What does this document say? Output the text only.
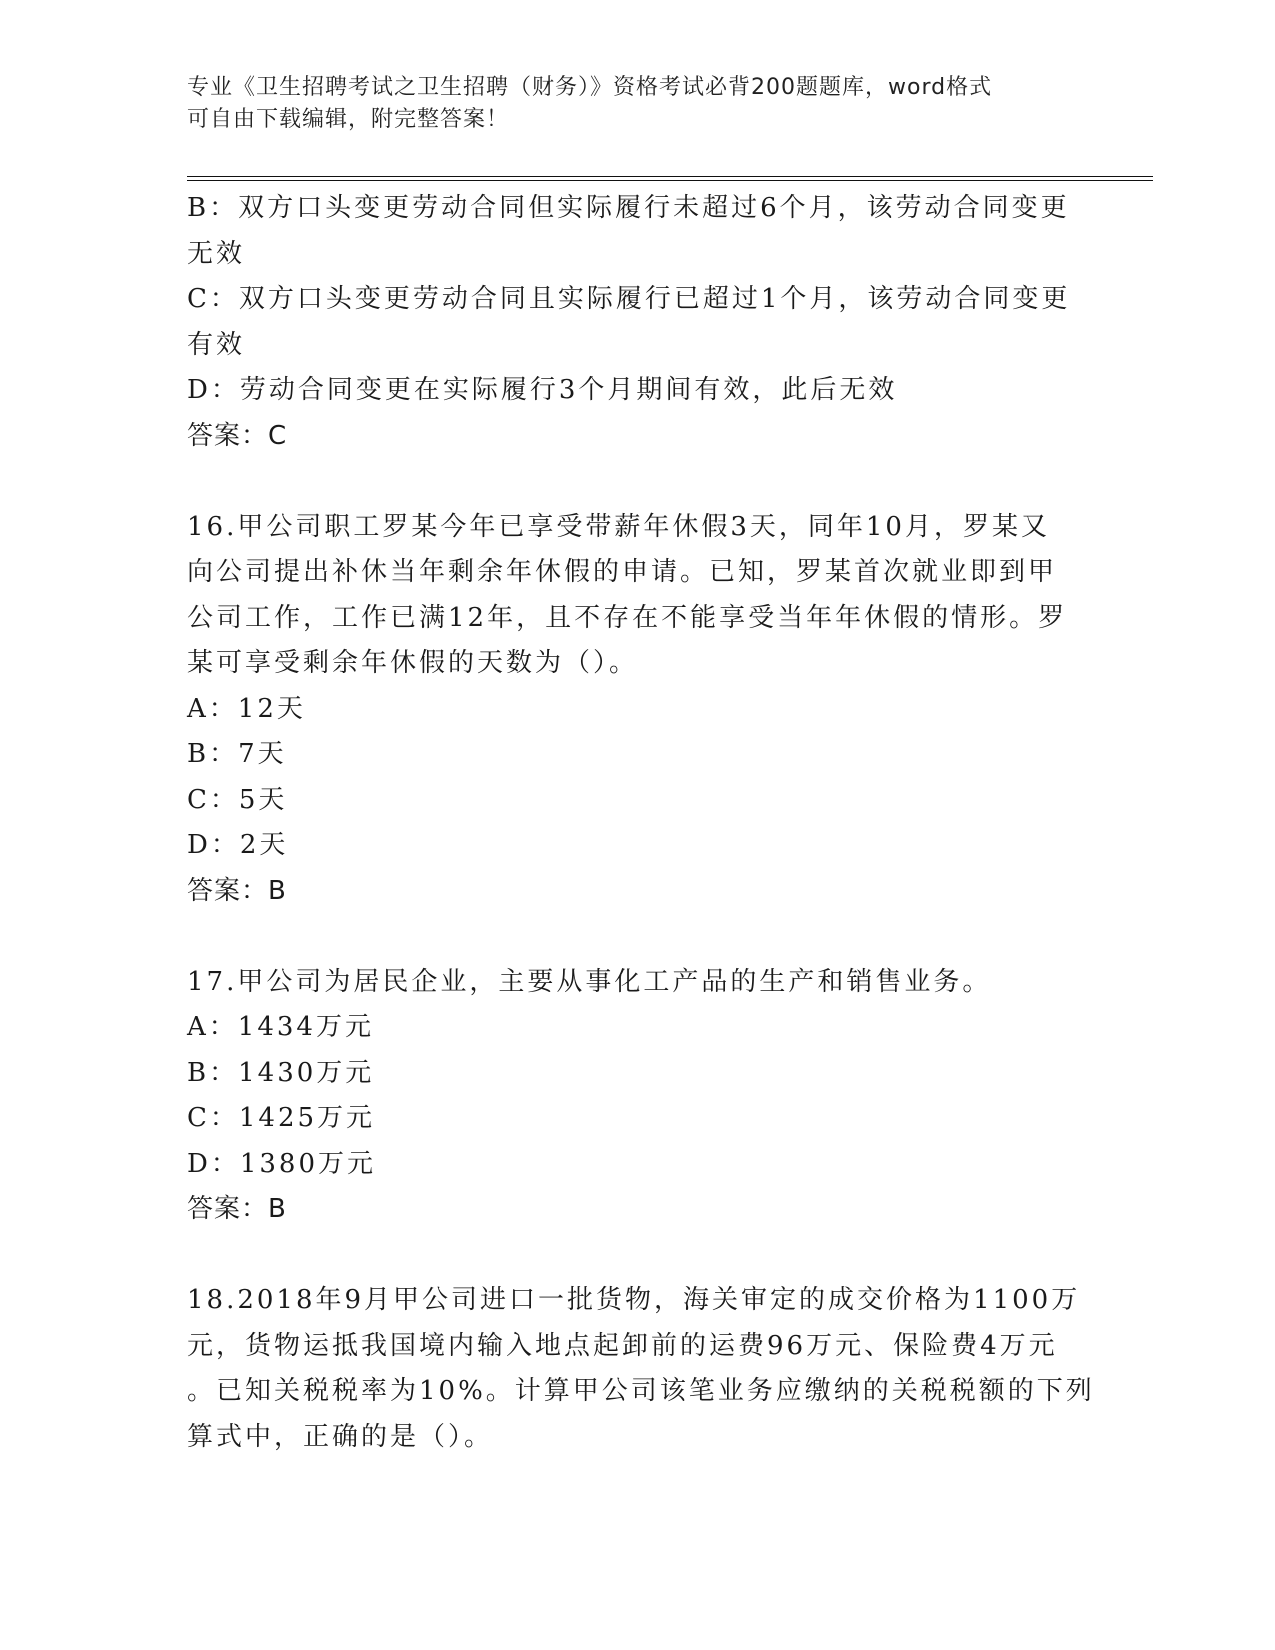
专业《卫生招聘考试之卫生招聘（财务）》资格考试必背200题题库，word格式
可自由下载编辑，附完整答案！
B：双方口头变更劳动合同但实际履行未超过6个月，该劳动合同变更
无效
C：双方口头变更劳动合同且实际履行已超过1个月，该劳动合同变更
有效
D：劳动合同变更在实际履行3个月期间有效，此后无效
答案：C
16.甲公司职工罗某今年已享受带薪年休假3天，同年10月，罗某又
向公司提出补休当年剩余年休假的申请。已知，罗某首次就业即到甲
公司工作，工作已满12年，且不存在不能享受当年年休假的情形。罗
某可享受剩余年休假的天数为（）。
A：12天
B：7天
C：5天
D：2天
答案：B
17.甲公司为居民企业，主要从事化工产品的生产和销售业务。
A：1434万元
B：1430万元
C：1425万元
D：1380万元
答案：B
18.2018年9月甲公司进口一批货物，海关审定的成交价格为1100万
元，货物运抵我国境内输入地点起卸前的运费96万元、保险费4万元
。已知关税税率为10%。计算甲公司该笔业务应缴纳的关税税额的下列
算式中，正确的是（）。
